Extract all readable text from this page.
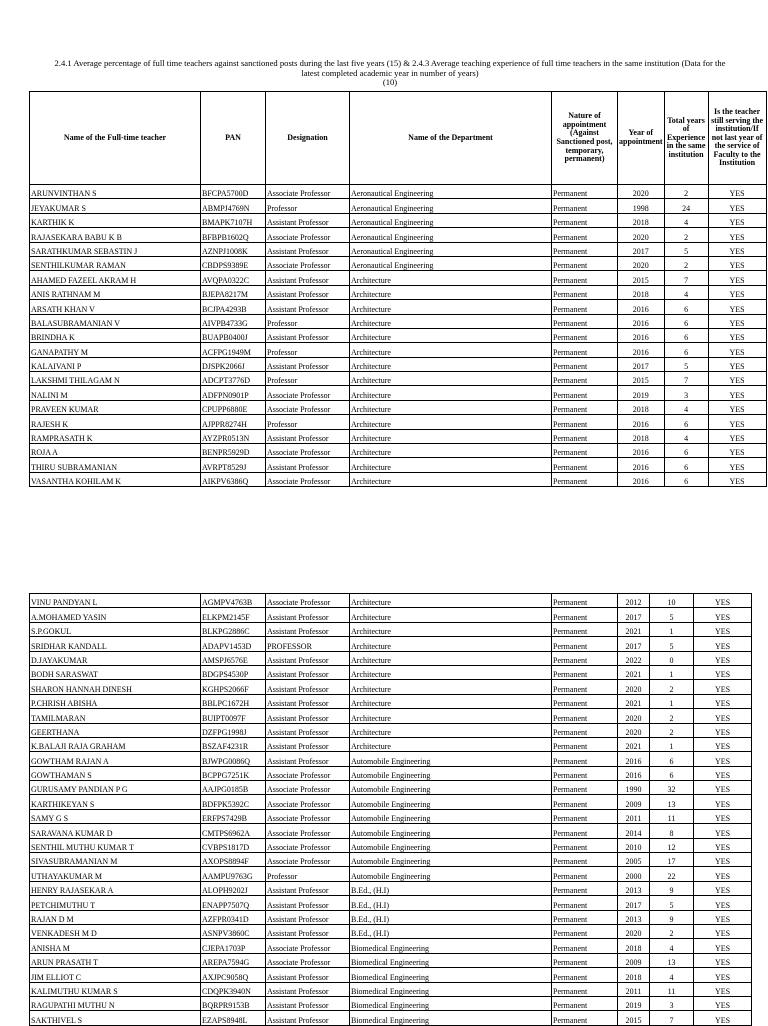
2.4.1 Average percentage of full time teachers against sanctioned posts during the last five years (15) & 2.4.3 Average teaching experience of full time teachers in the same institution (Data for the
latest completed academic year in number of years)
(10)
Name of the Full-time teacher	PAN	Designation	Name of the Department	Nature of appointment (Against Sanctioned post, temporary, permanent)	Year of appointment	Total years of Experience in the same institution	Is the teacher still serving the institution/If not last year of the service of Faculty to the Institution
ARUNVINTHAN S	BFCPA5700D	Associate Professor	Aeronautical Engineering	Permanent	2020	2	YES
JEYAKUMAR S	ABMPJ4769N	Professor	Aeronautical Engineering	Permanent	1998	24	YES
KARTHIK K	BMAPK7107H	Assistant Professor	Aeronautical Engineering	Permanent	2018	4	YES
RAJASEKARA BABU K B	BFBPB1602Q	Associate Professor	Aeronautical Engineering	Permanent	2020	2	YES
SARATHKUMAR SEBASTIN J	AZNPJ1008K	Assistant Professor	Aeronautical Engineering	Permanent	2017	5	YES
SENTHILKUMAR RAMAN	CBDPS9389E	Associate Professor	Aeronautical Engineering	Permanent	2020	2	YES
AHAMED FAZEEL AKRAM H	AVQPA0322C	Assistant Professor	Architecture	Permanent	2015	7	YES
ANIS RATHNAM M	BJEPA8217M	Assistant Professor	Architecture	Permanent	2018	4	YES
ARSATH KHAN V	BCJPA4293B	Assistant Professor	Architecture	Permanent	2016	6	YES
BALASUBRAMANIAN V	AIVPB4733G	Professor	Architecture	Permanent	2016	6	YES
BRINDHA K	BUAPB0400J	Assistant Professor	Architecture	Permanent	2016	6	YES
GANAPATHY M	ACFPG1949M	Professor	Architecture	Permanent	2016	6	YES
KALAIVANI P	DJSPK2066J	Assistant Professor	Architecture	Permanent	2017	5	YES
LAKSHMI THILAGAM N	ADCPT3776D	Professor	Architecture	Permanent	2015	7	YES
NALINI M	ADFPN0901P	Associate Professor	Architecture	Permanent	2019	3	YES
PRAVEEN KUMAR	CPUPP6880E	Associate Professor	Architecture	Permanent	2018	4	YES
RAJESH K	AJPPR8274H	Professor	Architecture	Permanent	2016	6	YES
RAMPRASATH K	AYZPR0513N	Assistant Professor	Architecture	Permanent	2018	4	YES
ROJA A	BENPR5929D	Associate Professor	Architecture	Permanent	2016	6	YES
THIRU SUBRAMANIAN	AVRPT8529J	Assistant Professor	Architecture	Permanent	2016	6	YES
VASANTHA KOHILAM K	AIKPV6386Q	Associate Professor	Architecture	Permanent	2016	6	YES
VINU PANDYAN L	AGMPV4763B	Associate Professor	Architecture	Permanent	2012	10	YES
A.MOHAMED YASIN	ELKPM2145F	Assistant Professor	Architecture	Permanent	2017	5	YES
S.P.GOKUL	BLKPG2886C	Assistant Professor	Architecture	Permanent	2021	1	YES
SRIDHAR KANDALL	ADAPV1453D	PROFESSOR	Architecture	Permanent	2017	5	YES
D.JAYAKUMAR	AMSPJ6576E	Assistant Professor	Architecture	Permanent	2022	0	YES
BODH SARASWAT	BDGPS4530P	Assistant Professor	Architecture	Permanent	2021	1	YES
SHARON HANNAH DINESH	KGHPS2066F	Assistant Professor	Architecture	Permanent	2020	2	YES
P.CHRISH ABISHA	BBLPC1672H	Assistant Professor	Architecture	Permanent	2021	1	YES
TAMILMARAN	BUIPT0097F	Assistant Professor	Architecture	Permanent	2020	2	YES
GEERTHANA	DZFPG1998J	Assistant Professor	Architecture	Permanent	2020	2	YES
K.BALAJI RAJA GRAHAM	BSZAF4231R	Assistant Professor	Architecture	Permanent	2021	1	YES
GOWTHAM RAJAN A	BJWPG0086Q	Assistant Professor	Automobile Engineering	Permanent	2016	6	YES
GOWTHAMAN S	BCPPG7251K	Associate Professor	Automobile Engineering	Permanent	2016	6	YES
GURUSAMY PANDIAN P G	AAJPG0185B	Associate Professor	Automobile Engineering	Permanent	1990	32	YES
KARTHIKEYAN S	BDFPK5392C	Associate Professor	Automobile Engineering	Permanent	2009	13	YES
SAMY G S	ERFPS7429B	Associate Professor	Automobile Engineering	Permanent	2011	11	YES
SARAVANA KUMAR D	CMTPS6962A	Associate Professor	Automobile Engineering	Permanent	2014	8	YES
SENTHIL MUTHU KUMAR T	CVBPS1817D	Associate Professor	Automobile Engineering	Permanent	2010	12	YES
SIVASUBRAMANIAN M	AXOPS8894F	Associate Professor	Automobile Engineering	Permanent	2005	17	YES
UTHAYAKUMAR M	AAMPU9763G	Professor	Automobile Engineering	Permanent	2000	22	YES
HENRY RAJASEKAR A	ALOPH9202J	Assistant Professor	B.Ed., (H.I)	Permanent	2013	9	YES
PETCHIMUTHU T	ENAPP7507Q	Assistant Professor	B.Ed., (H.I)	Permanent	2017	5	YES
RAJAN D M	AZFPR0341D	Assistant Professor	B.Ed., (H.I)	Permanent	2013	9	YES
VENKADESH M D	ASNPV3860C	Assistant Professor	B.Ed., (H.I)	Permanent	2020	2	YES
ANISHA M	CJEPA1703P	Associate Professor	Biomedical Engineering	Permanent	2018	4	YES
ARUN PRASATH T	AREPA7594G	Associate Professor	Biomedical Engineering	Permanent	2009	13	YES
JIM ELLIOT C	AXJPC9058Q	Assistant Professor	Biomedical Engineering	Permanent	2018	4	YES
KALIMUTHU KUMAR S	CDQPK3940N	Assistant Professor	Biomedical Engineering	Permanent	2011	11	YES
RAGUPATHI MUTHU N	BQRPR9153B	Assistant Professor	Biomedical Engineering	Permanent	2019	3	YES
SAKTHIVEL S	EZAPS8948L	Assistant Professor	Biomedical Engineering	Permanent	2015	7	YES
